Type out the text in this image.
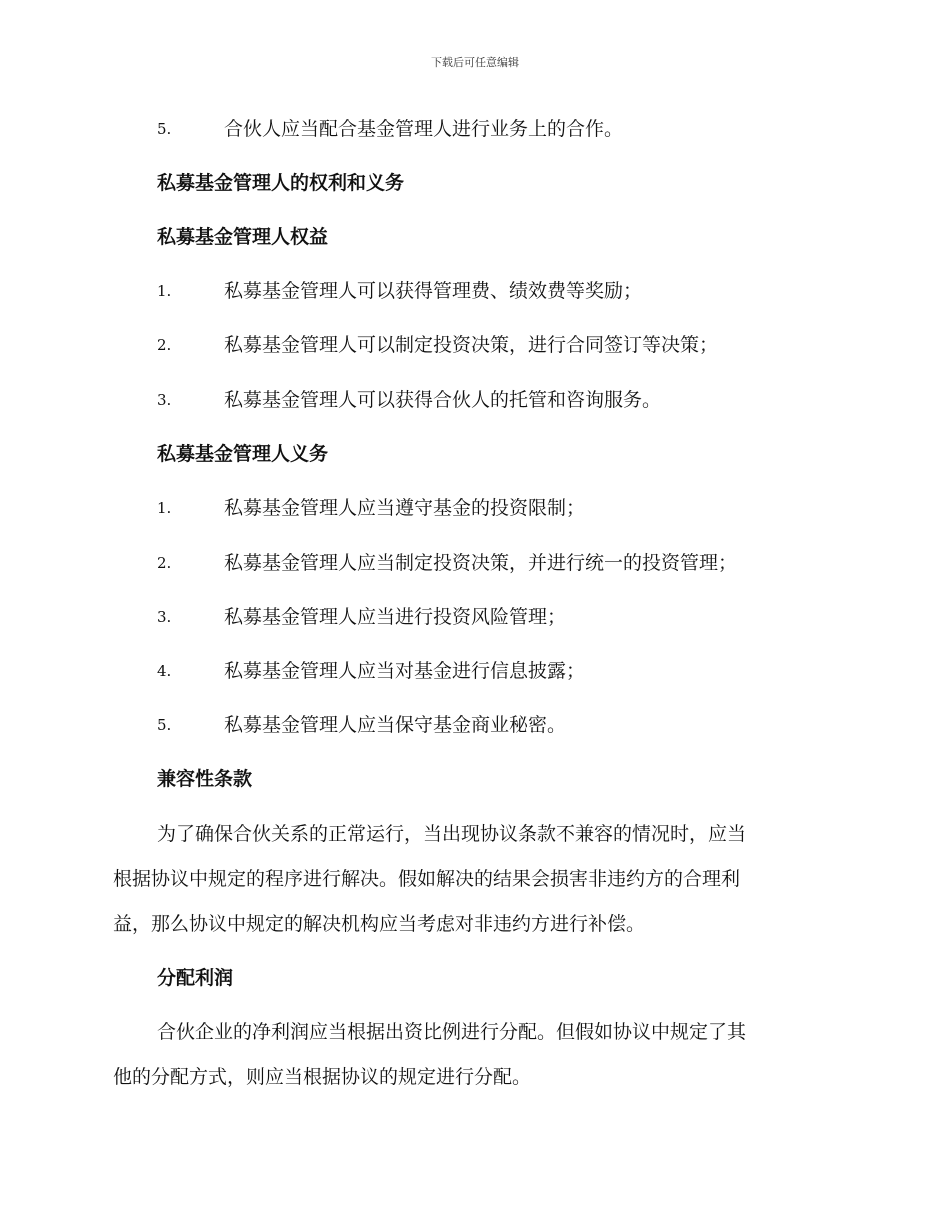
下载后可任意编辑
5.	合伙人应当配合基金管理人进行业务上的合作。
私募基金管理人的权利和义务
私募基金管理人权益
1.	私募基金管理人可以获得管理费、绩效费等奖励；
2.	私募基金管理人可以制定投资决策，进行合同签订等决策；
3.	私募基金管理人可以获得合伙人的托管和咨询服务。
私募基金管理人义务
1.	私募基金管理人应当遵守基金的投资限制；
2.	私募基金管理人应当制定投资决策，并进行统一的投资管理；
3.	私募基金管理人应当进行投资风险管理；
4.	私募基金管理人应当对基金进行信息披露；
5.	私募基金管理人应当保守基金商业秘密。
兼容性条款
为了确保合伙关系的正常运行，当出现协议条款不兼容的情况时，应当
根据协议中规定的程序进行解决。假如解决的结果会损害非违约方的合理利
益，那么协议中规定的解决机构应当考虑对非违约方进行补偿。
分配利润
合伙企业的净利润应当根据出资比例进行分配。但假如协议中规定了其
他的分配方式，则应当根据协议的规定进行分配。
